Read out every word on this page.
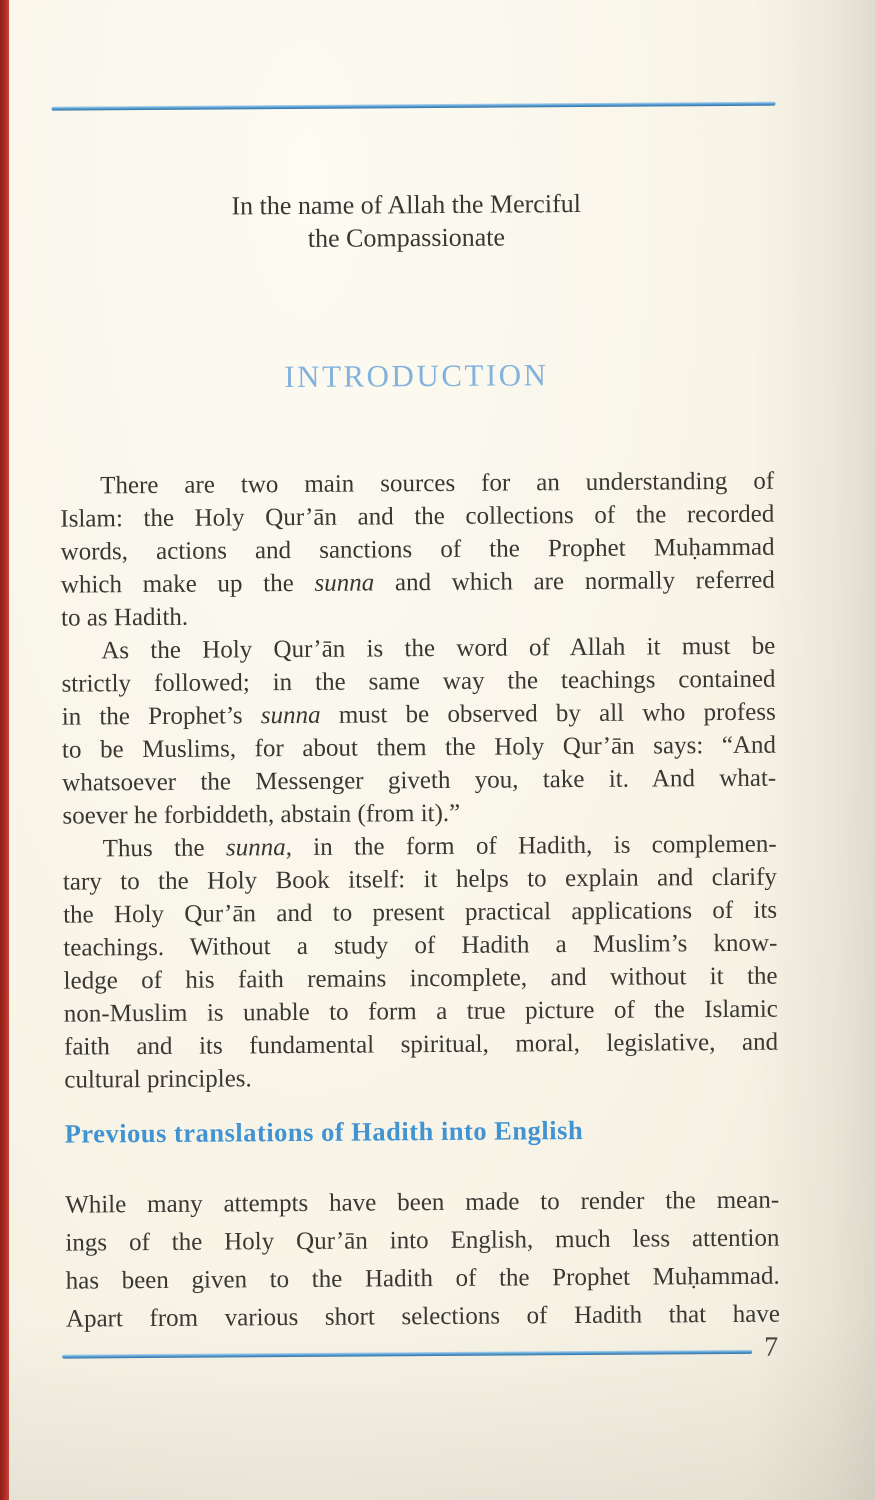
In the name of Allah the Merciful
the Compassionate
INTRODUCTION
There are two main sources for an understanding of
Islam: the Holy Qur’ān and the collections of the recorded
words, actions and sanctions of the Prophet Muḥammad
which make up the sunna and which are normally referred
to as Hadith.
As the Holy Qur’ān is the word of Allah it must be
strictly followed; in the same way the teachings contained
in the Prophet’s sunna must be observed by all who profess
to be Muslims, for about them the Holy Qur’ān says: “And
whatsoever the Messenger giveth you, take it. And what-
soever he forbiddeth, abstain (from it).”
Thus the sunna, in the form of Hadith, is complemen-
tary to the Holy Book itself: it helps to explain and clarify
the Holy Qur’ān and to present practical applications of its
teachings. Without a study of Hadith a Muslim’s know-
ledge of his faith remains incomplete, and without it the
non-Muslim is unable to form a true picture of the Islamic
faith and its fundamental spiritual, moral, legislative, and
cultural principles.
Previous translations of Hadith into English
While many attempts have been made to render the mean-
ings of the Holy Qur’ān into English, much less attention
has been given to the Hadith of the Prophet Muḥammad.
Apart from various short selections of Hadith that have
7
